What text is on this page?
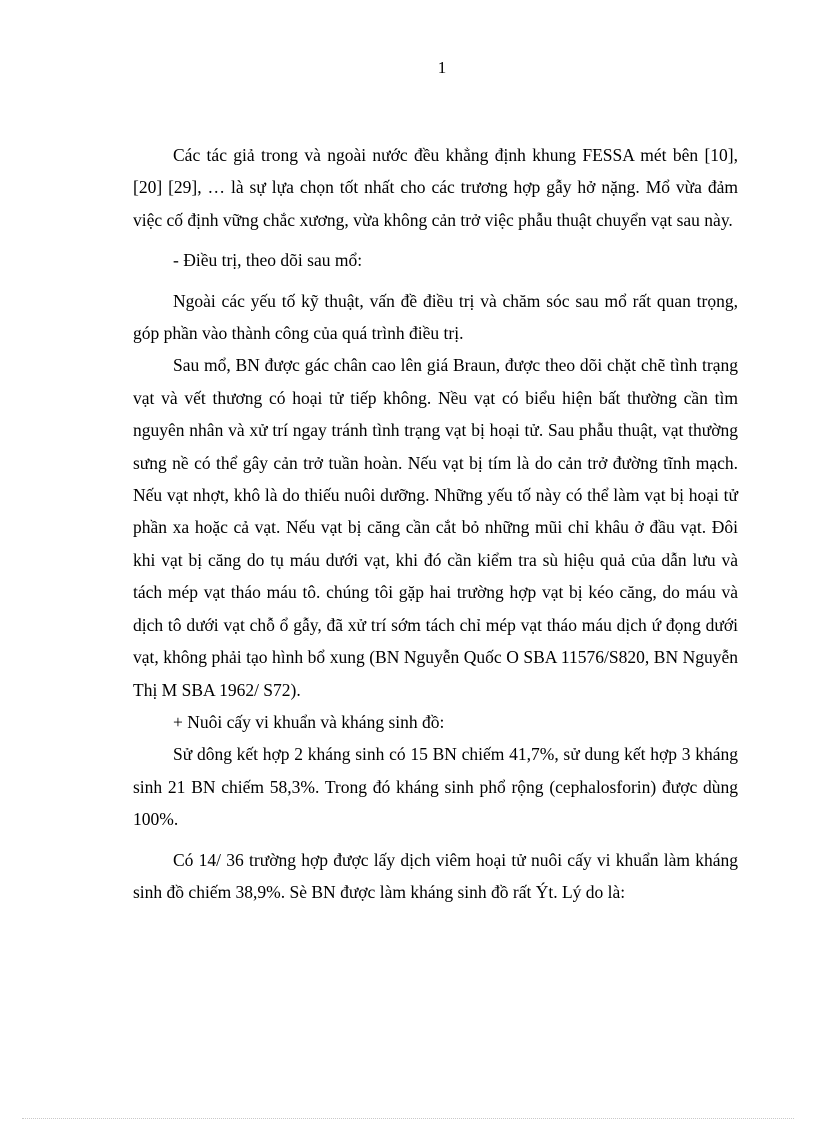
1

Các tác giả trong và ngoài nước đều khẳng định khung FESSA mét bên [10],[20] [29], … là sự lựa chọn tốt nhất cho các trương hợp gẫy hở nặng. Mổ vừa đảm việc cố định vững chắc xương, vừa không cản trở việc phẫu thuật chuyển vạt sau này.

- Điều trị, theo dõi sau mổ:

Ngoài các yếu tố kỹ thuật, vấn đề điều trị và chăm sóc sau mổ rất quan trọng, góp phần vào thành công của quá trình điều trị.

Sau mổ, BN được gác chân cao lên giá Braun, được theo dõi chặt chẽ tình trạng vạt và vết thương có hoại tử tiếp không. Nều vạt có biểu hiện bất thường cần tìm nguyên nhân và xử trí ngay tránh tình trạng vạt bị hoại tử. Sau phẫu thuật, vạt thường sưng nề có thể gây cản trở tuần hoàn. Nếu vạt bị tím là do cản trở đường tĩnh mạch. Nếu vạt nhợt, khô là do thiếu nuôi dưỡng. Những yếu tố này có thể làm vạt bị hoại tử phần xa hoặc cả vạt. Nếu vạt bị căng cần cắt bỏ những mũi chỉ khâu ở đầu vạt. Đôi khi vạt bị căng do tụ máu dưới vạt, khi đó cần kiểm tra sù hiệu quả của dẫn lưu và tách mép vạt tháo máu tô. chúng tôi gặp hai trường hợp vạt bị kéo căng, do máu và dịch tô dưới vạt chỗ ổ gẫy, đã xử trí sớm tách chỉ mép vạt tháo máu dịch ứ đọng dưới vạt, không phải tạo hình bổ xung (BN Nguyễn Quốc O SBA 11576/S820, BN Nguyễn Thị M SBA 1962/ S72).

+ Nuôi cấy vi khuẩn và kháng sinh đồ:

Sử dông kết hợp 2 kháng sinh có 15 BN chiếm 41,7%, sử dung kết hợp 3 kháng sinh 21 BN chiếm 58,3%. Trong đó kháng sinh phổ rộng (cephalosforin) được dùng 100%.

Có 14/ 36 trường hợp được lấy dịch viêm hoại tử nuôi cấy vi khuẩn làm kháng sinh đồ chiếm 38,9%. Sè BN được làm kháng sinh đồ rất Ýt. Lý do là:
